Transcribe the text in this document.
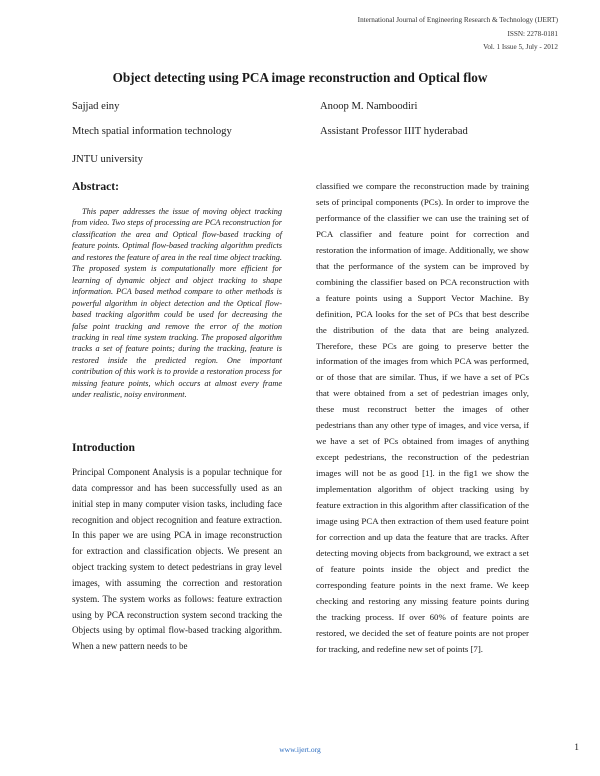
International Journal of Engineering Research & Technology (IJERT)
ISSN: 2278-0181
Vol. 1 Issue 5, July - 2012
Object detecting using PCA image reconstruction and Optical flow
Sajjad einy	Anoop M. Namboodiri
Mtech spatial information technology	Assistant Professor IIIT hyderabad
JNTU university
Abstract:
This paper addresses the issue of moving object tracking from video. Two steps of processing are PCA reconstruction for classification the area and Optical flow-based tracking of feature points. Optimal flow-based tracking algorithm predicts and restores the feature of area in the real time object tracking. The proposed system is computationally more efficient for learning of dynamic object and object tracking to shape information. PCA based method compare to other methods is powerful algorithm in object detection and the Optical flow-based tracking algorithm could be used for decreasing the false point tracking and remove the error of the motion tracking in real time system tracking. The proposed algorithm tracks a set of feature points; during the tracking, feature is restored inside the predicted region. One important contribution of this work is to provide a restoration process for missing feature points, which occurs at almost every frame under realistic, noisy environment.
Introduction
Principal Component Analysis is a popular technique for data compressor and has been successfully used as an initial step in many computer vision tasks, including face recognition and object recognition and feature extraction. In this paper we are using PCA in image reconstruction for extraction and classification objects. We present an object tracking system to detect pedestrians in gray level images, with assuming the correction and restoration system. The system works as follows: feature extraction using by PCA reconstruction system second tracking the Objects using by optimal flow-based tracking algorithm. When a new pattern needs to be
classified we compare the reconstruction made by training sets of principal components (PCs). In order to improve the performance of the classifier we can use the training set of PCA classifier and feature point for correction and restoration the information of image. Additionally, we show that the performance of the system can be improved by combining the classifier based on PCA reconstruction with a feature points using a Support Vector Machine. By definition, PCA looks for the set of PCs that best describe the distribution of the data that are being analyzed. Therefore, these PCs are going to preserve better the information of the images from which PCA was performed, or of those that are similar. Thus, if we have a set of PCs that were obtained from a set of pedestrian images only, these must reconstruct better the images of other pedestrians than any other type of images, and vice versa, if we have a set of PCs obtained from images of anything except pedestrians, the reconstruction of the pedestrian images will not be as good [1]. in the fig1 we show the implementation algorithm of object tracking using by feature extraction in this algorithm after classification of the image using PCA then extraction of them used feature point for correction and up data the feature that are tracks. After detecting moving objects from background, we extract a set of feature points inside the object and predict the corresponding feature points in the next frame. We keep checking and restoring any missing feature points during the tracking process. If over 60% of feature points are restored, we decided the set of feature points are not proper for tracking, and redefine new set of points [7].
www.ijert.org	1
